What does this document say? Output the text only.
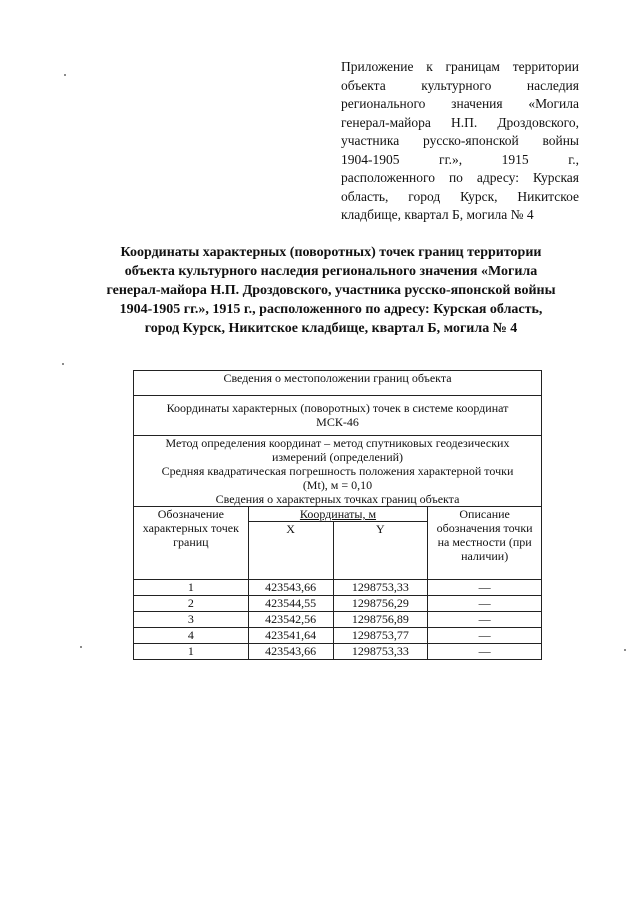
Приложение к границам территории
объекта культурного наследия
регионального значения «Могила
генерал-майора Н.П. Дроздовского,
участника русско-японской войны
1904-1905 гг.», 1915 г.,
расположенного по адресу: Курская
область, город Курск, Никитское
кладбище, квартал Б, могила № 4
Координаты характерных (поворотных) точек границ территории
объекта культурного наследия регионального значения «Могила
генерал-майора Н.П. Дроздовского, участника русско-японской войны
1904-1905 гг.», 1915 г., расположенного по адресу: Курская область,
город Курск, Никитское кладбище, квартал Б, могила № 4
Сведения о местоположении границ объекта			

Координаты характерных (поворотных) точек в системе координат
МСК-46			

Метод определения координат – метод спутниковых геодезических
измерений (определений)
Средняя квадратическая погрешность положения характерной точки
(Mt), м = 0,10
Сведения о характерных точках границ объекта			

Обозначение характерных точек границ	Координаты, м		Описание обозначения точки на местности (при наличии)
	X	Y	
1	423543,66	1298753,33	—
2	423544,55	1298756,29	—
3	423542,56	1298756,89	—
4	423541,64	1298753,77	—
1	423543,66	1298753,33	—
